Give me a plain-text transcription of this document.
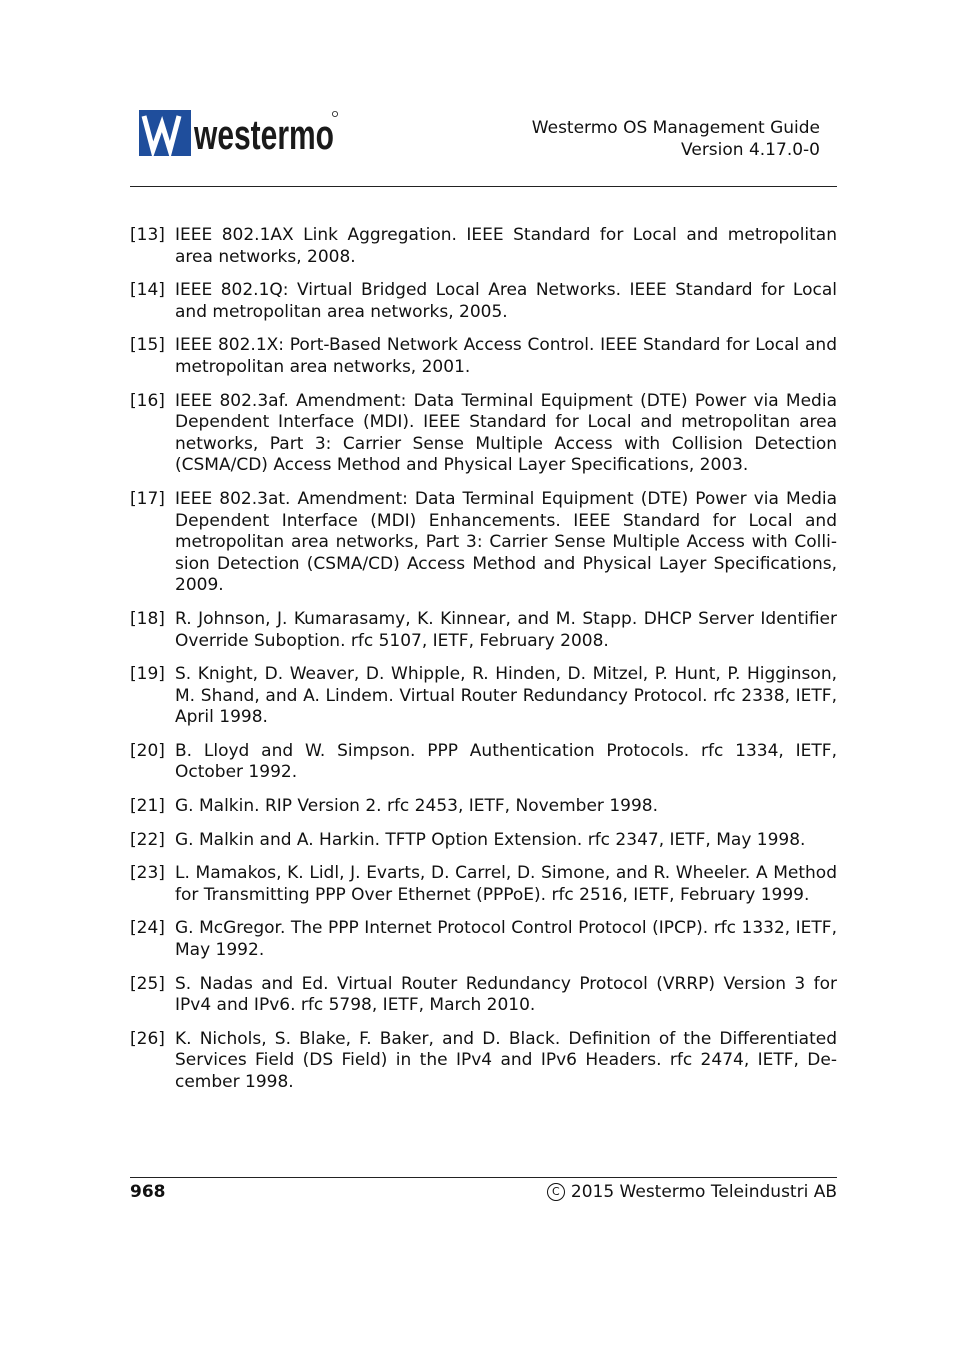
westermo	Westermo OS Management Guide
Version 4.17.0-0
[13] IEEE 802.1AX Link Aggregation. IEEE Standard for Local and metropolitan area networks, 2008.
[14] IEEE 802.1Q: Virtual Bridged Local Area Networks. IEEE Standard for Local and metropolitan area networks, 2005.
[15] IEEE 802.1X: Port-Based Network Access Control. IEEE Standard for Local and metropolitan area networks, 2001.
[16] IEEE 802.3af. Amendment: Data Terminal Equipment (DTE) Power via Media Dependent Interface (MDI). IEEE Standard for Local and metropolitan area networks, Part 3: Carrier Sense Multiple Access with Collision Detection (CSMA/CD) Access Method and Physical Layer Specifications, 2003.
[17] IEEE 802.3at. Amendment: Data Terminal Equipment (DTE) Power via Media Dependent Interface (MDI) Enhancements. IEEE Standard for Local and metropolitan area networks, Part 3: Carrier Sense Multiple Access with Collision Detection (CSMA/CD) Access Method and Physical Layer Specifications, 2009.
[18] R. Johnson, J. Kumarasamy, K. Kinnear, and M. Stapp. DHCP Server Identifier Override Suboption. rfc 5107, IETF, February 2008.
[19] S. Knight, D. Weaver, D. Whipple, R. Hinden, D. Mitzel, P. Hunt, P. Higginson, M. Shand, and A. Lindem. Virtual Router Redundancy Protocol. rfc 2338, IETF, April 1998.
[20] B. Lloyd and W. Simpson. PPP Authentication Protocols. rfc 1334, IETF, October 1992.
[21] G. Malkin. RIP Version 2. rfc 2453, IETF, November 1998.
[22] G. Malkin and A. Harkin. TFTP Option Extension. rfc 2347, IETF, May 1998.
[23] L. Mamakos, K. Lidl, J. Evarts, D. Carrel, D. Simone, and R. Wheeler. A Method for Transmitting PPP Over Ethernet (PPPoE). rfc 2516, IETF, February 1999.
[24] G. McGregor. The PPP Internet Protocol Control Protocol (IPCP). rfc 1332, IETF, May 1992.
[25] S. Nadas and Ed. Virtual Router Redundancy Protocol (VRRP) Version 3 for IPv4 and IPv6. rfc 5798, IETF, March 2010.
[26] K. Nichols, S. Blake, F. Baker, and D. Black. Definition of the Differentiated Services Field (DS Field) in the IPv4 and IPv6 Headers. rfc 2474, IETF, December 1998.
968	C 2015 Westermo Teleindustri AB
